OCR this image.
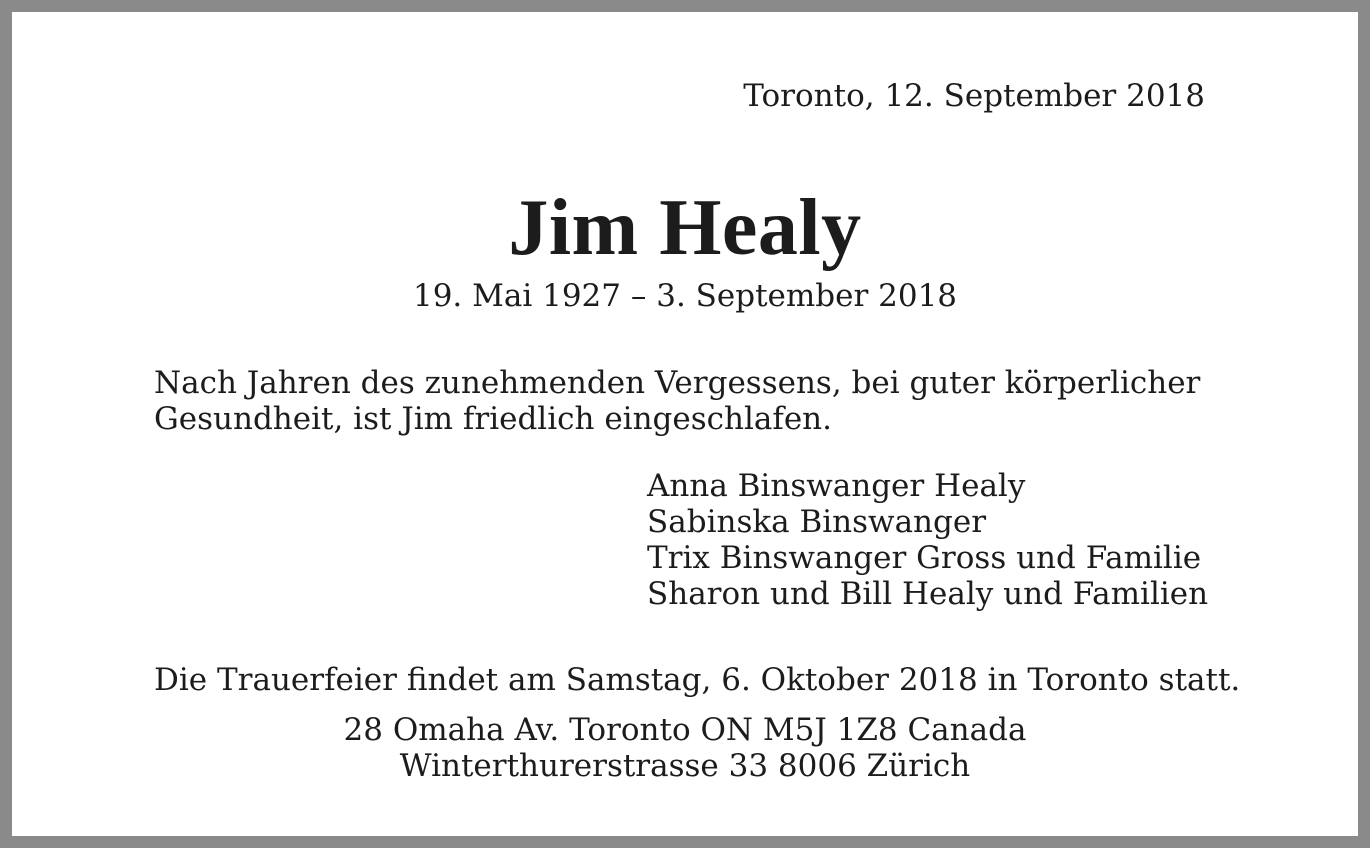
Toronto, 12. September 2018
Jim Healy
19. Mai 1927 – 3. September 2018
Nach Jahren des zunehmenden Vergessens, bei guter körperlicher
Gesundheit, ist Jim friedlich eingeschlafen.
Anna Binswanger Healy
Sabinska Binswanger
Trix Binswanger Gross und Familie
Sharon und Bill Healy und Familien
Die Trauerfeier findet am Samstag, 6. Oktober 2018 in Toronto statt.
28 Omaha Av. Toronto ON M5J 1Z8 Canada
Winterthurerstrasse 33 8006 Zürich
